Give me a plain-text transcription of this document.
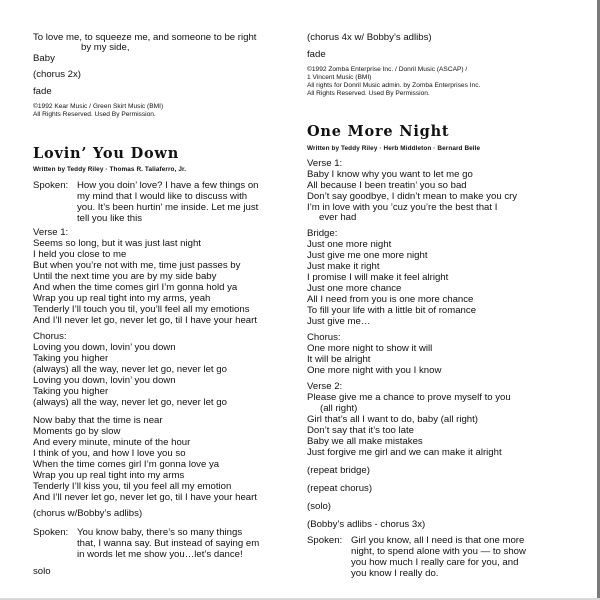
To love me, to squeeze me, and someone to be right
by my side,
Baby
(chorus 2x)
fade
©1992 Kear Music / Green Skirt Music (BMI)
All Rights Reserved. Used By Permission.
Lovin’ You Down
Written by Teddy Riley · Thomas R. Taliaferro, Jr.
Spoken: How you doin’ love? I have a few things on
my mind that I would like to discuss with
you. It’s been hurtin’ me inside. Let me just
tell you like this
Verse 1:
Seems so long, but it was just last night
I held you close to me
But when you’re not with me, time just passes by
Until the next time you are by my side baby
And when the time comes girl I’m gonna hold ya
Wrap you up real tight into my arms, yeah
Tenderly I’ll touch you til, you’ll feel all my emotions
And I’ll never let go, never let go, til I have your heart
Chorus:
Loving you down, lovin’ you down
Taking you higher
(always) all the way, never let go, never let go
Loving you down, lovin’ you down
Taking you higher
(always) all the way, never let go, never let go
Now baby that the time is near
Moments go by slow
And every minute, minute of the hour
I think of you, and how I love you so
When the time comes girl I’m gonna love ya
Wrap you up real tight into my arms
Tenderly I’ll kiss you, til you feel all my emotion
And I’ll never let go, never let go, til I have your heart
(chorus w/Bobby’s adlibs)
Spoken: You know baby, there’s so many things
that, I wanna say. But instead of saying em
in words let me show you…let’s dance!
solo
(chorus 4x w/ Bobby’s adlibs)
fade
©1992 Zomba Enterprise Inc. / Donril Music (ASCAP) /
1 Vincent Music (BMI)
All rights for Donril Music admin. by Zomba Enterprises Inc.
All Rights Reserved. Used By Permission.
One More Night
Written by Teddy Riley · Herb Middleton · Bernard Belle
Verse 1:
Baby I know why you want to let me go
All because I been treatin’ you so bad
Don’t say goodbye, I didn’t mean to make you cry
I’m in love with you ’cuz you’re the best that I
ever had
Bridge:
Just one more night
Just give me one more night
Just make it right
I promise I will make it feel alright
Just one more chance
All I need from you is one more chance
To fill your life with a little bit of romance
Just give me…
Chorus:
One more night to show it will
It will be alright
One more night with you I know
Verse 2:
Please give me a chance to prove myself to you
(all right)
Girl that’s all I want to do, baby (all right)
Don’t say that it’s too late
Baby we all make mistakes
Just forgive me girl and we can make it alright
(repeat bridge)
(repeat chorus)
(solo)
(Bobby’s adlibs - chorus 3x)
Spoken: Girl you know, all I need is that one more
night, to spend alone with you — to show
you how much I really care for you, and
you know I really do.
